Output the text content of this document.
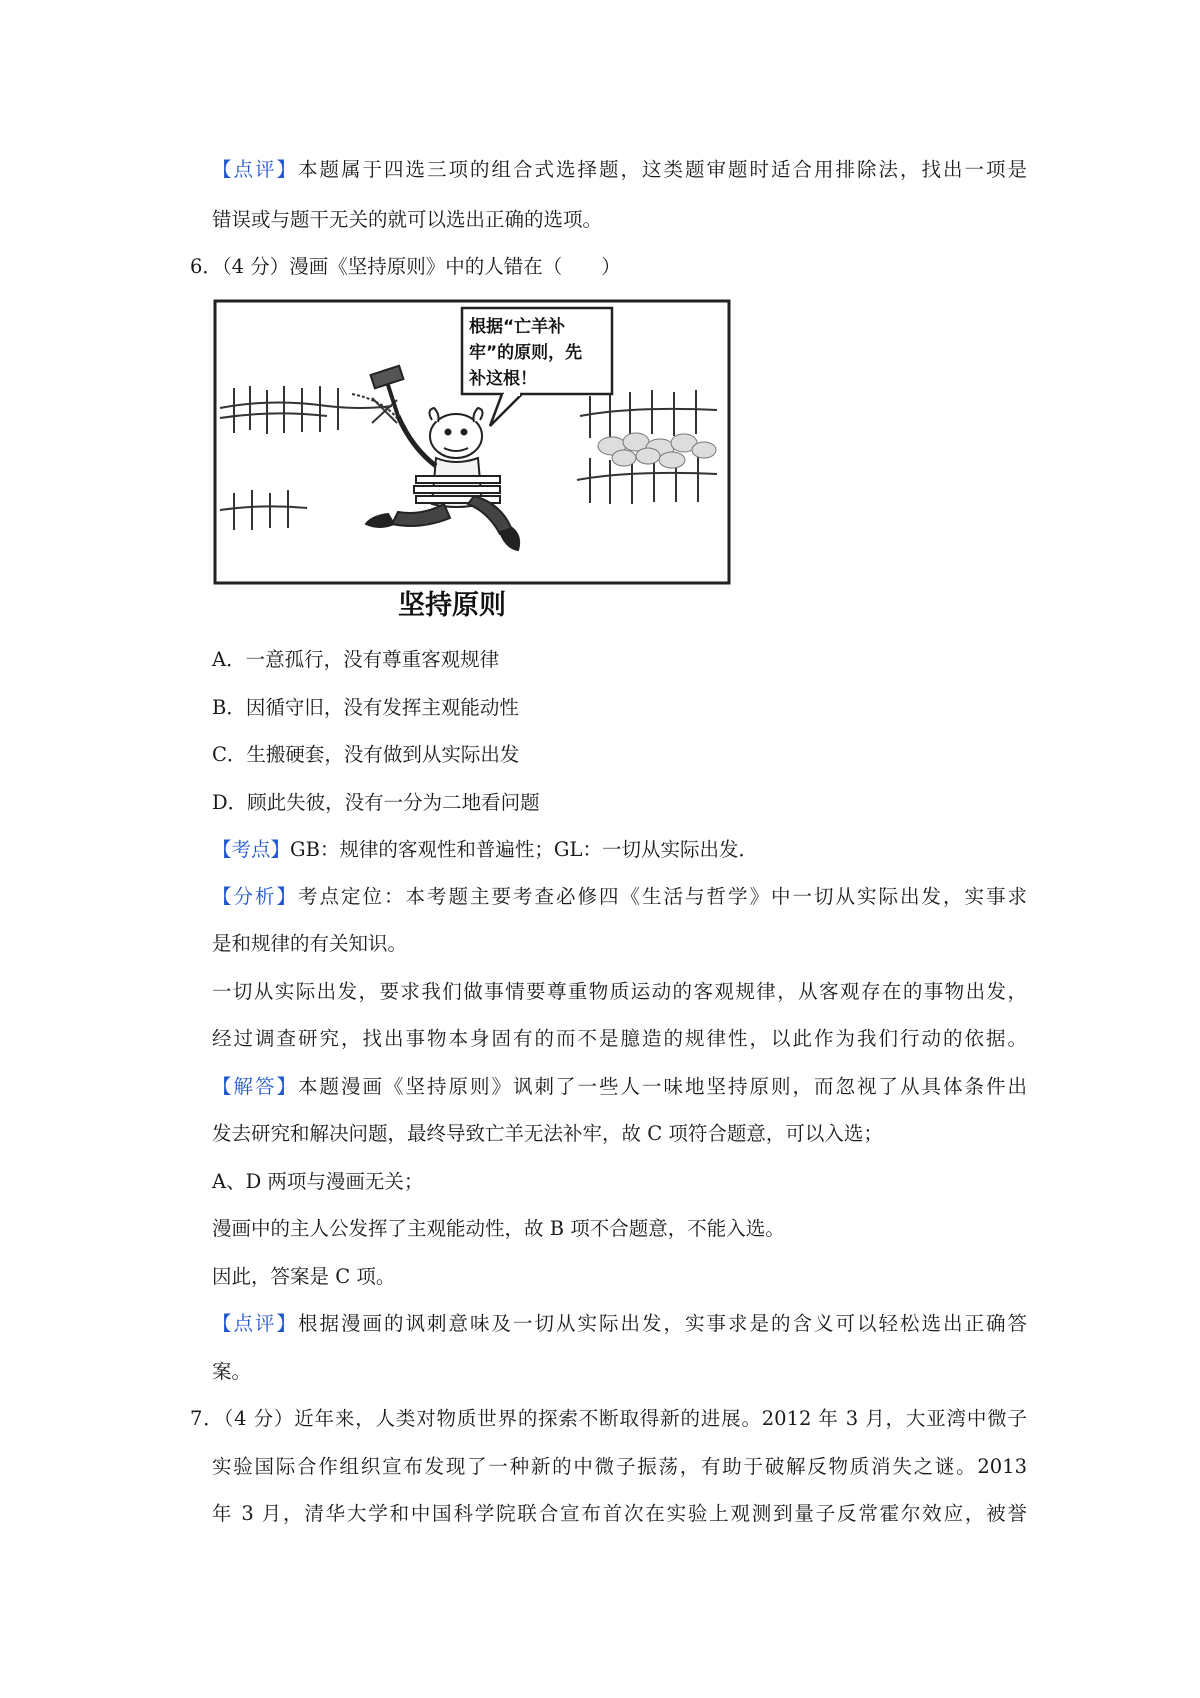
【点评】本题属于四选三项的组合式选择题，这类题审题时适合用排除法，找出一项是
错误或与题干无关的就可以选出正确的选项。
6．（4 分）漫画《坚持原则》中的人错在（　　）
根据“亡羊补
牢”的原则，先
补这根！
坚持原则
A．一意孤行，没有尊重客观规律
B．因循守旧，没有发挥主观能动性
C．生搬硬套，没有做到从实际出发
D．顾此失彼，没有一分为二地看问题
【考点】GB：规律的客观性和普遍性；GL：一切从实际出发．
【分析】考点定位：本考题主要考查必修四《生活与哲学》中一切从实际出发，实事求
是和规律的有关知识。
一切从实际出发，要求我们做事情要尊重物质运动的客观规律，从客观存在的事物出发，
经过调查研究，找出事物本身固有的而不是臆造的规律性，以此作为我们行动的依据。
【解答】本题漫画《坚持原则》讽刺了一些人一味地坚持原则，而忽视了从具体条件出
发去研究和解决问题，最终导致亡羊无法补牢，故 C 项符合题意，可以入选；
A、D 两项与漫画无关；
漫画中的主人公发挥了主观能动性，故 B 项不合题意，不能入选。
因此，答案是 C 项。
【点评】根据漫画的讽刺意味及一切从实际出发，实事求是的含义可以轻松选出正确答
案。
7．（4 分）近年来，人类对物质世界的探索不断取得新的进展。2012 年 3 月，大亚湾中微子
实验国际合作组织宣布发现了一种新的中微子振荡，有助于破解反物质消失之谜。2013
年 3 月，清华大学和中国科学院联合宣布首次在实验上观测到量子反常霍尔效应，被誉
